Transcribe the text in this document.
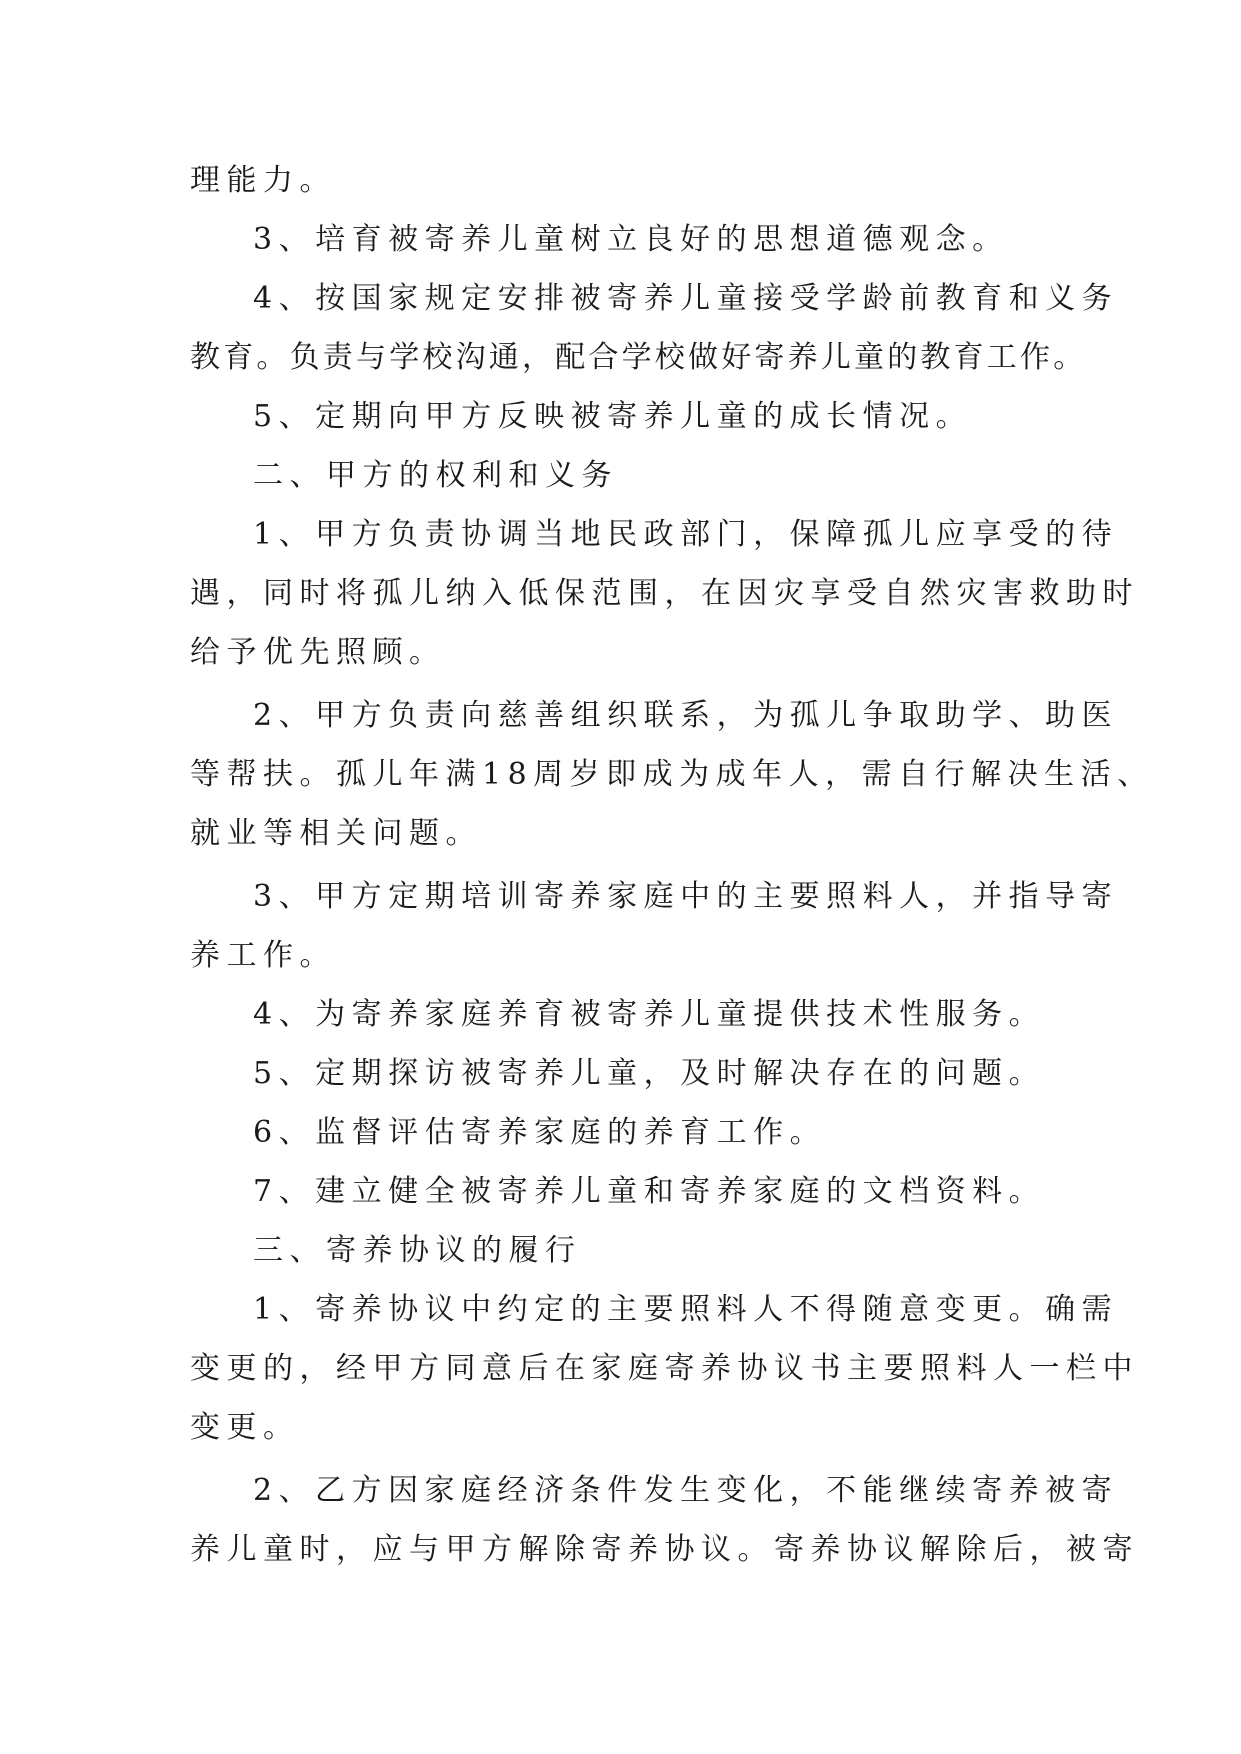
理能力。
3、培育被寄养儿童树立良好的思想道德观念。
4、按国家规定安排被寄养儿童接受学龄前教育和义务
教育。负责与学校沟通，配合学校做好寄养儿童的教育工作。
5、定期向甲方反映被寄养儿童的成长情况。
二、甲方的权利和义务
1、甲方负责协调当地民政部门，保障孤儿应享受的待
遇，同时将孤儿纳入低保范围，在因灾享受自然灾害救助时
给予优先照顾。
2、甲方负责向慈善组织联系，为孤儿争取助学、助医
等帮扶。孤儿年满18周岁即成为成年人，需自行解决生活、
就业等相关问题。
3、甲方定期培训寄养家庭中的主要照料人，并指导寄
养工作。
4、为寄养家庭养育被寄养儿童提供技术性服务。
5、定期探访被寄养儿童，及时解决存在的问题。
6、监督评估寄养家庭的养育工作。
7、建立健全被寄养儿童和寄养家庭的文档资料。
三、寄养协议的履行
1、寄养协议中约定的主要照料人不得随意变更。确需
变更的，经甲方同意后在家庭寄养协议书主要照料人一栏中
变更。
2、乙方因家庭经济条件发生变化，不能继续寄养被寄
养儿童时，应与甲方解除寄养协议。寄养协议解除后，被寄
